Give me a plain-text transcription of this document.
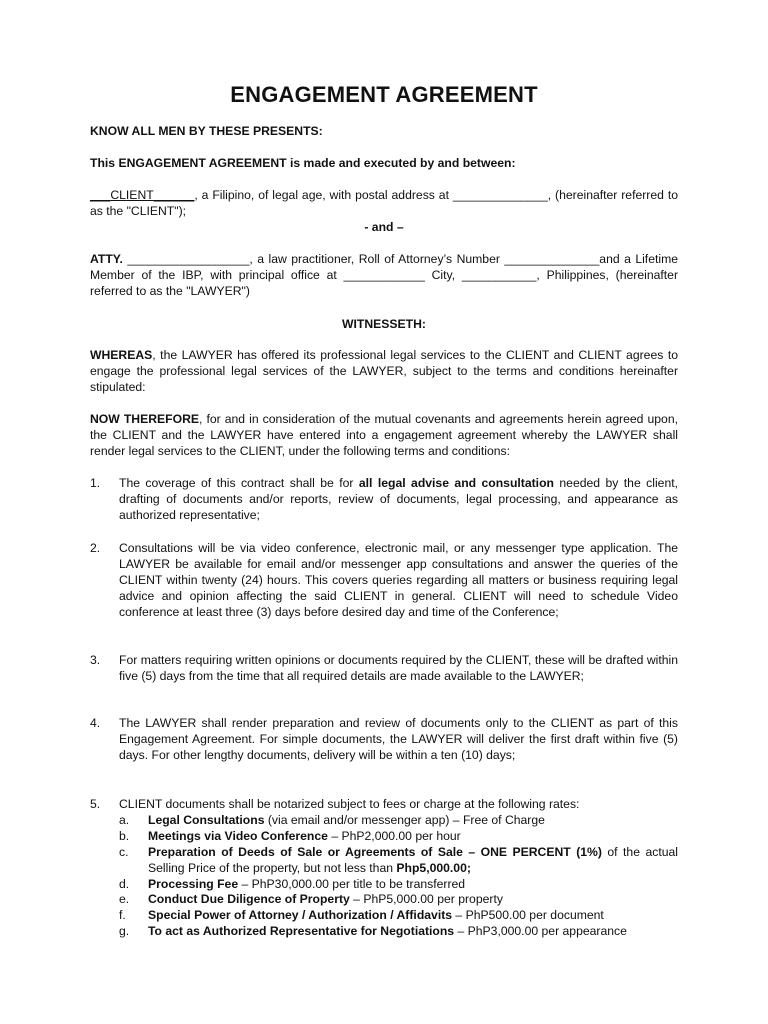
ENGAGEMENT AGREEMENT
KNOW ALL MEN BY THESE PRESENTS:
This ENGAGEMENT AGREEMENT is made and executed by and between:
___CLIENT______, a Filipino, of legal age, with postal address at ______________, (hereinafter referred to as the "CLIENT");
- and –
ATTY. __________________, a law practitioner, Roll of Attorney’s Number ______________and a Lifetime Member of the IBP, with principal office at ____________ City, ___________, Philippines, (hereinafter referred to as the "LAWYER")
WITNESSETH:
WHEREAS, the LAWYER has offered its professional legal services to the CLIENT and CLIENT agrees to engage the professional legal services of the LAWYER, subject to the terms and conditions hereinafter stipulated:
NOW THEREFORE, for and in consideration of the mutual covenants and agreements herein agreed upon, the CLIENT and the LAWYER have entered into a engagement agreement whereby the LAWYER shall render legal services to the CLIENT, under the following terms and conditions:
1.	The coverage of this contract shall be for all legal advise and consultation needed by the client, drafting of documents and/or reports, review of documents, legal processing, and appearance as authorized representative;
2.	Consultations will be via video conference, electronic mail, or any messenger type application. The LAWYER be available for email and/or messenger app consultations and answer the queries of the CLIENT within twenty (24) hours. This covers queries regarding all matters or business requiring legal advice and opinion affecting the said CLIENT in general. CLIENT will need to schedule Video conference at least three (3) days before desired day and time of the Conference;
3.	For matters requiring written opinions or documents required by the CLIENT, these will be drafted within five (5) days from the time that all required details are made available to the LAWYER;
4.	The LAWYER shall render preparation and review of documents only to the CLIENT as part of this Engagement Agreement. For simple documents, the LAWYER will deliver the first draft within five (5) days. For other lengthy documents, delivery will be within a ten (10) days;
5.	CLIENT documents shall be notarized subject to fees or charge at the following rates:
a.	Legal Consultations (via email and/or messenger app) – Free of Charge
b.	Meetings via Video Conference – PhP2,000.00 per hour
c.	Preparation of Deeds of Sale or Agreements of Sale – ONE PERCENT (1%) of the actual Selling Price of the property, but not less than Php5,000.00;
d.	Processing Fee – PhP30,000.00 per title to be transferred
e.	Conduct Due Diligence of Property – PhP5,000.00 per property
f.	Special Power of Attorney / Authorization / Affidavits – PhP500.00 per document
g.	To act as Authorized Representative for Negotiations – PhP3,000.00 per appearance
